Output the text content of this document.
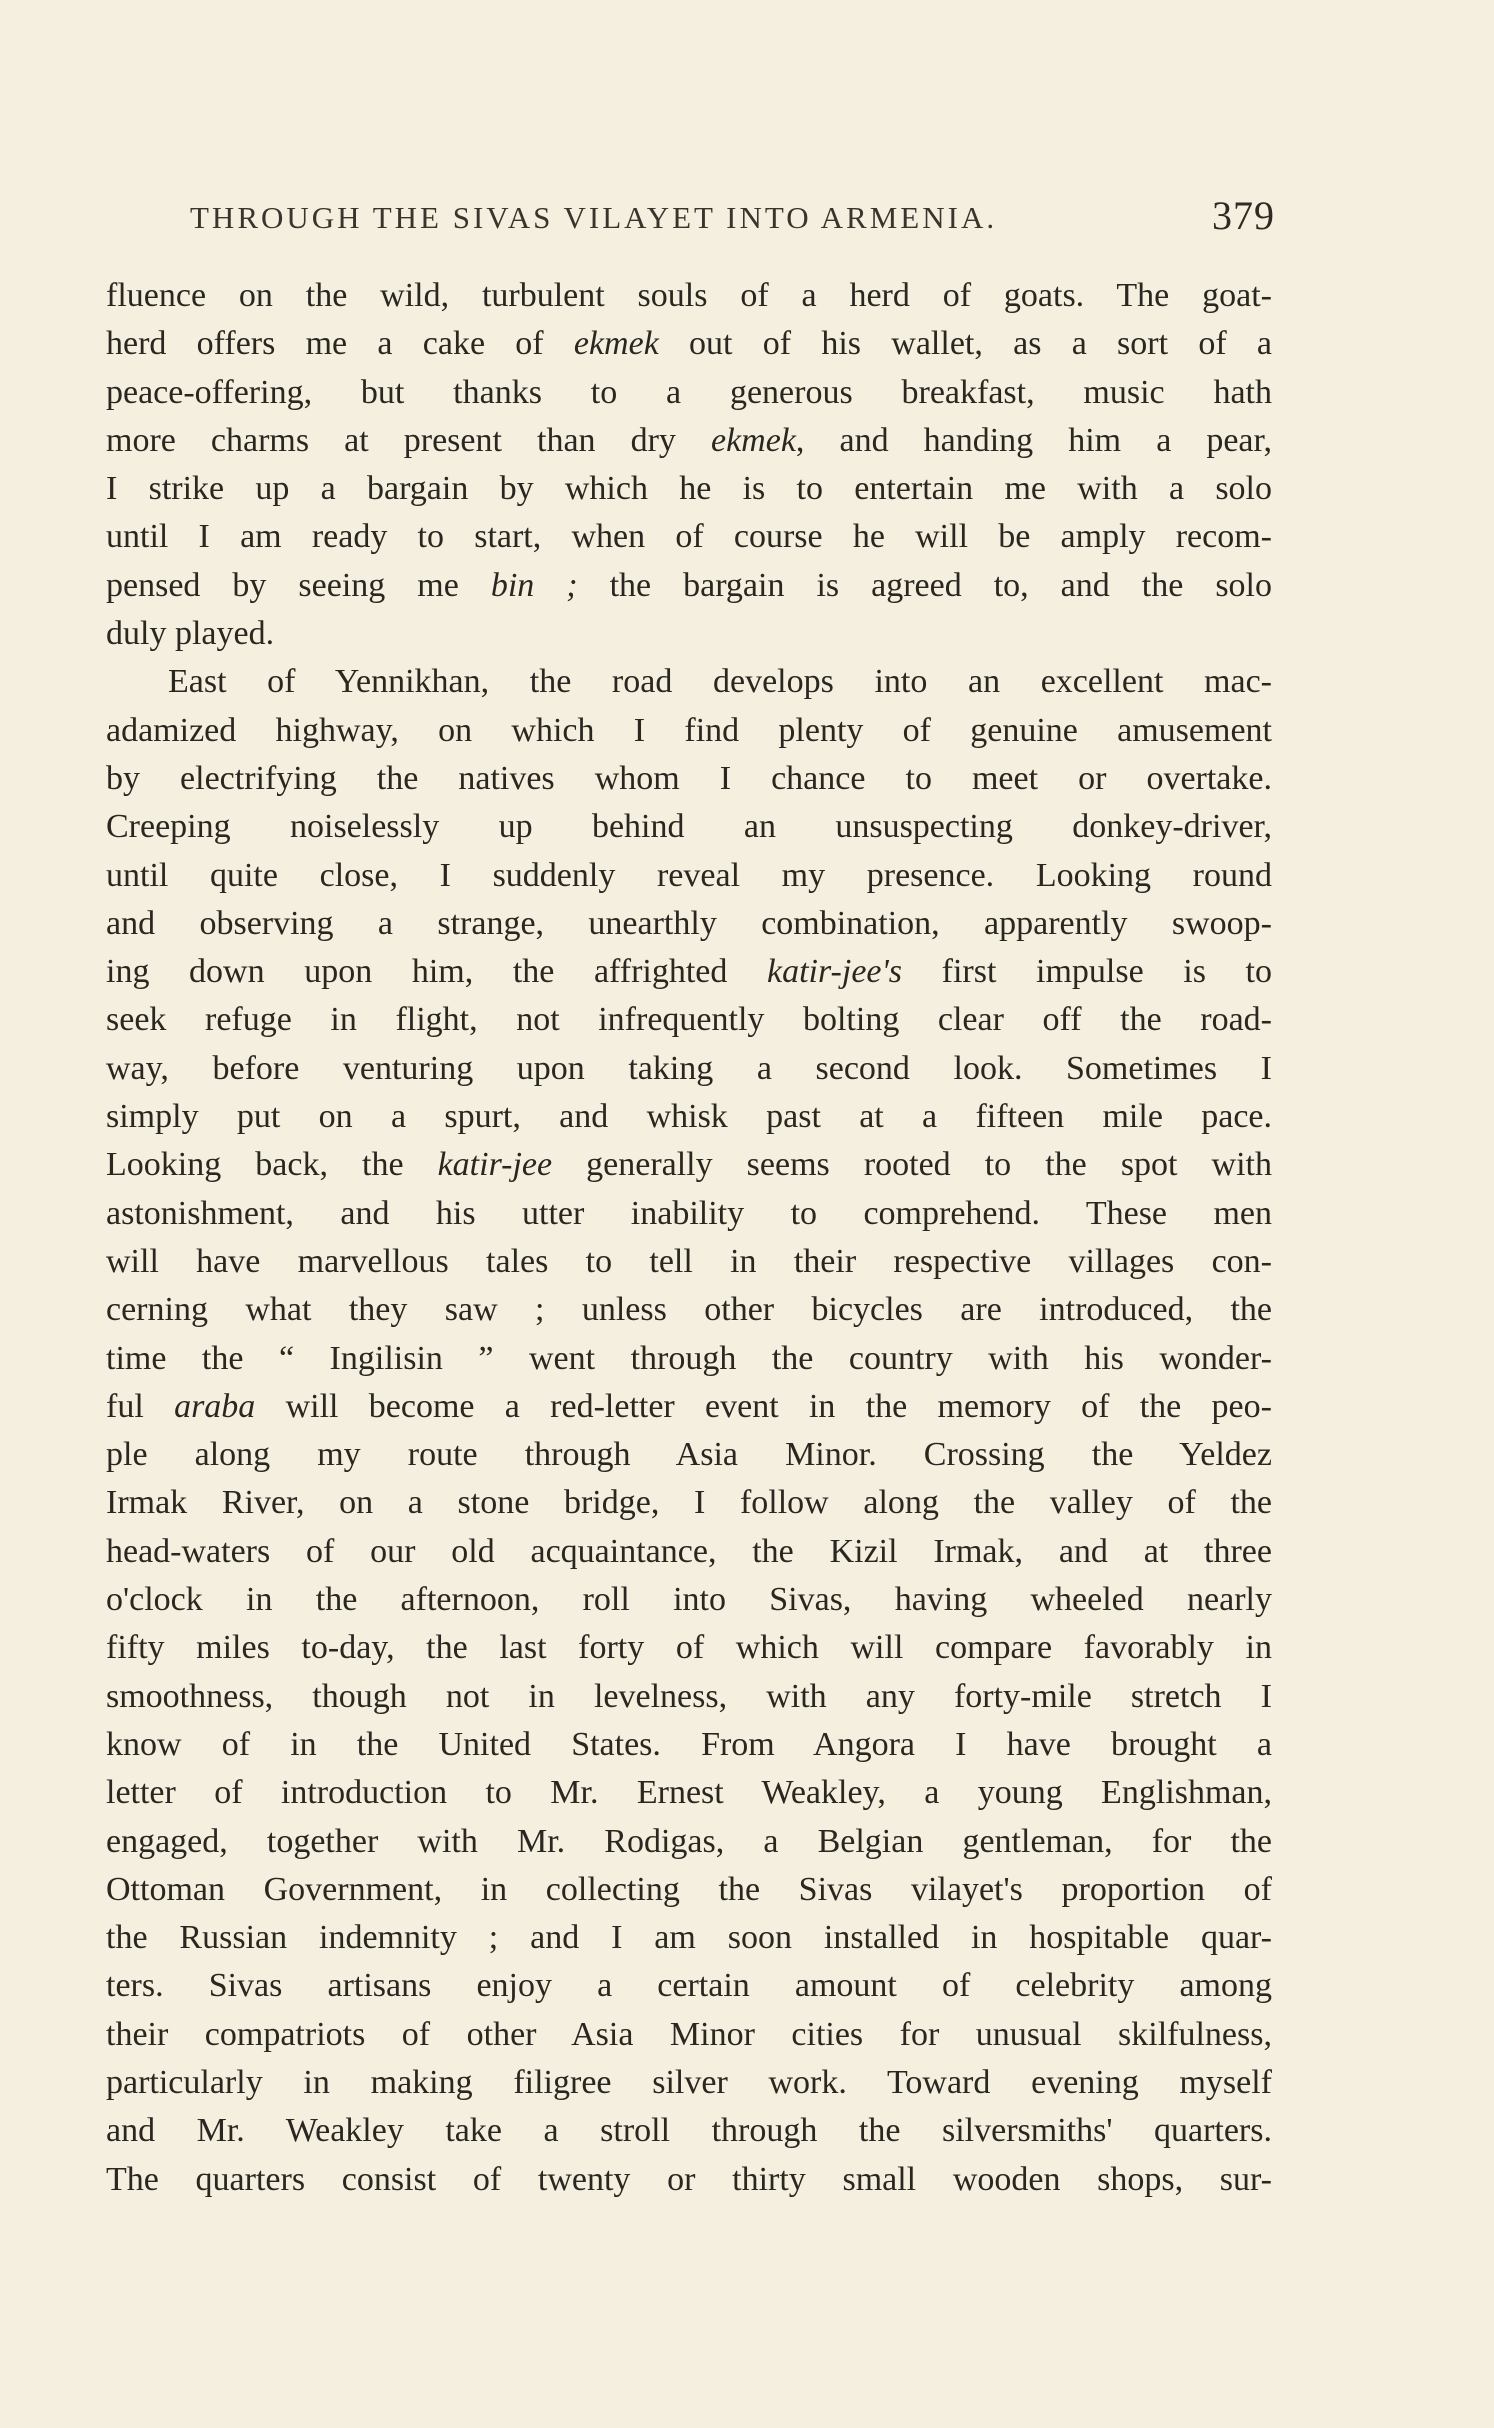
THROUGH THE SIVAS VILAYET INTO ARMENIA.	379
fluence on the wild, turbulent souls of a herd of goats. The goat-
herd offers me a cake of ekmek out of his wallet, as a sort of a
peace-offering, but thanks to a generous breakfast, music hath
more charms at present than dry ekmek, and handing him a pear,
I strike up a bargain by which he is to entertain me with a solo
until I am ready to start, when of course he will be amply recom-
pensed by seeing me bin ; the bargain is agreed to, and the solo
duly played.
East of Yennikhan, the road develops into an excellent mac-
adamized highway, on which I find plenty of genuine amusement
by electrifying the natives whom I chance to meet or overtake.
Creeping noiselessly up behind an unsuspecting donkey-driver,
until quite close, I suddenly reveal my presence. Looking round
and observing a strange, unearthly combination, apparently swoop-
ing down upon him, the affrighted katir-jee's first impulse is to
seek refuge in flight, not infrequently bolting clear off the road-
way, before venturing upon taking a second look. Sometimes I
simply put on a spurt, and whisk past at a fifteen mile pace.
Looking back, the katir-jee generally seems rooted to the spot with
astonishment, and his utter inability to comprehend. These men
will have marvellous tales to tell in their respective villages con-
cerning what they saw ; unless other bicycles are introduced, the
time the “ Ingilisin ” went through the country with his wonder-
ful araba will become a red-letter event in the memory of the peo-
ple along my route through Asia Minor. Crossing the Yeldez
Irmak River, on a stone bridge, I follow along the valley of the
head-waters of our old acquaintance, the Kizil Irmak, and at three
o'clock in the afternoon, roll into Sivas, having wheeled nearly
fifty miles to-day, the last forty of which will compare favorably in
smoothness, though not in levelness, with any forty-mile stretch I
know of in the United States. From Angora I have brought a
letter of introduction to Mr. Ernest Weakley, a young Englishman,
engaged, together with Mr. Rodigas, a Belgian gentleman, for the
Ottoman Government, in collecting the Sivas vilayet's proportion of
the Russian indemnity ; and I am soon installed in hospitable quar-
ters. Sivas artisans enjoy a certain amount of celebrity among
their compatriots of other Asia Minor cities for unusual skilfulness,
particularly in making filigree silver work. Toward evening myself
and Mr. Weakley take a stroll through the silversmiths' quarters.
The quarters consist of twenty or thirty small wooden shops, sur-
